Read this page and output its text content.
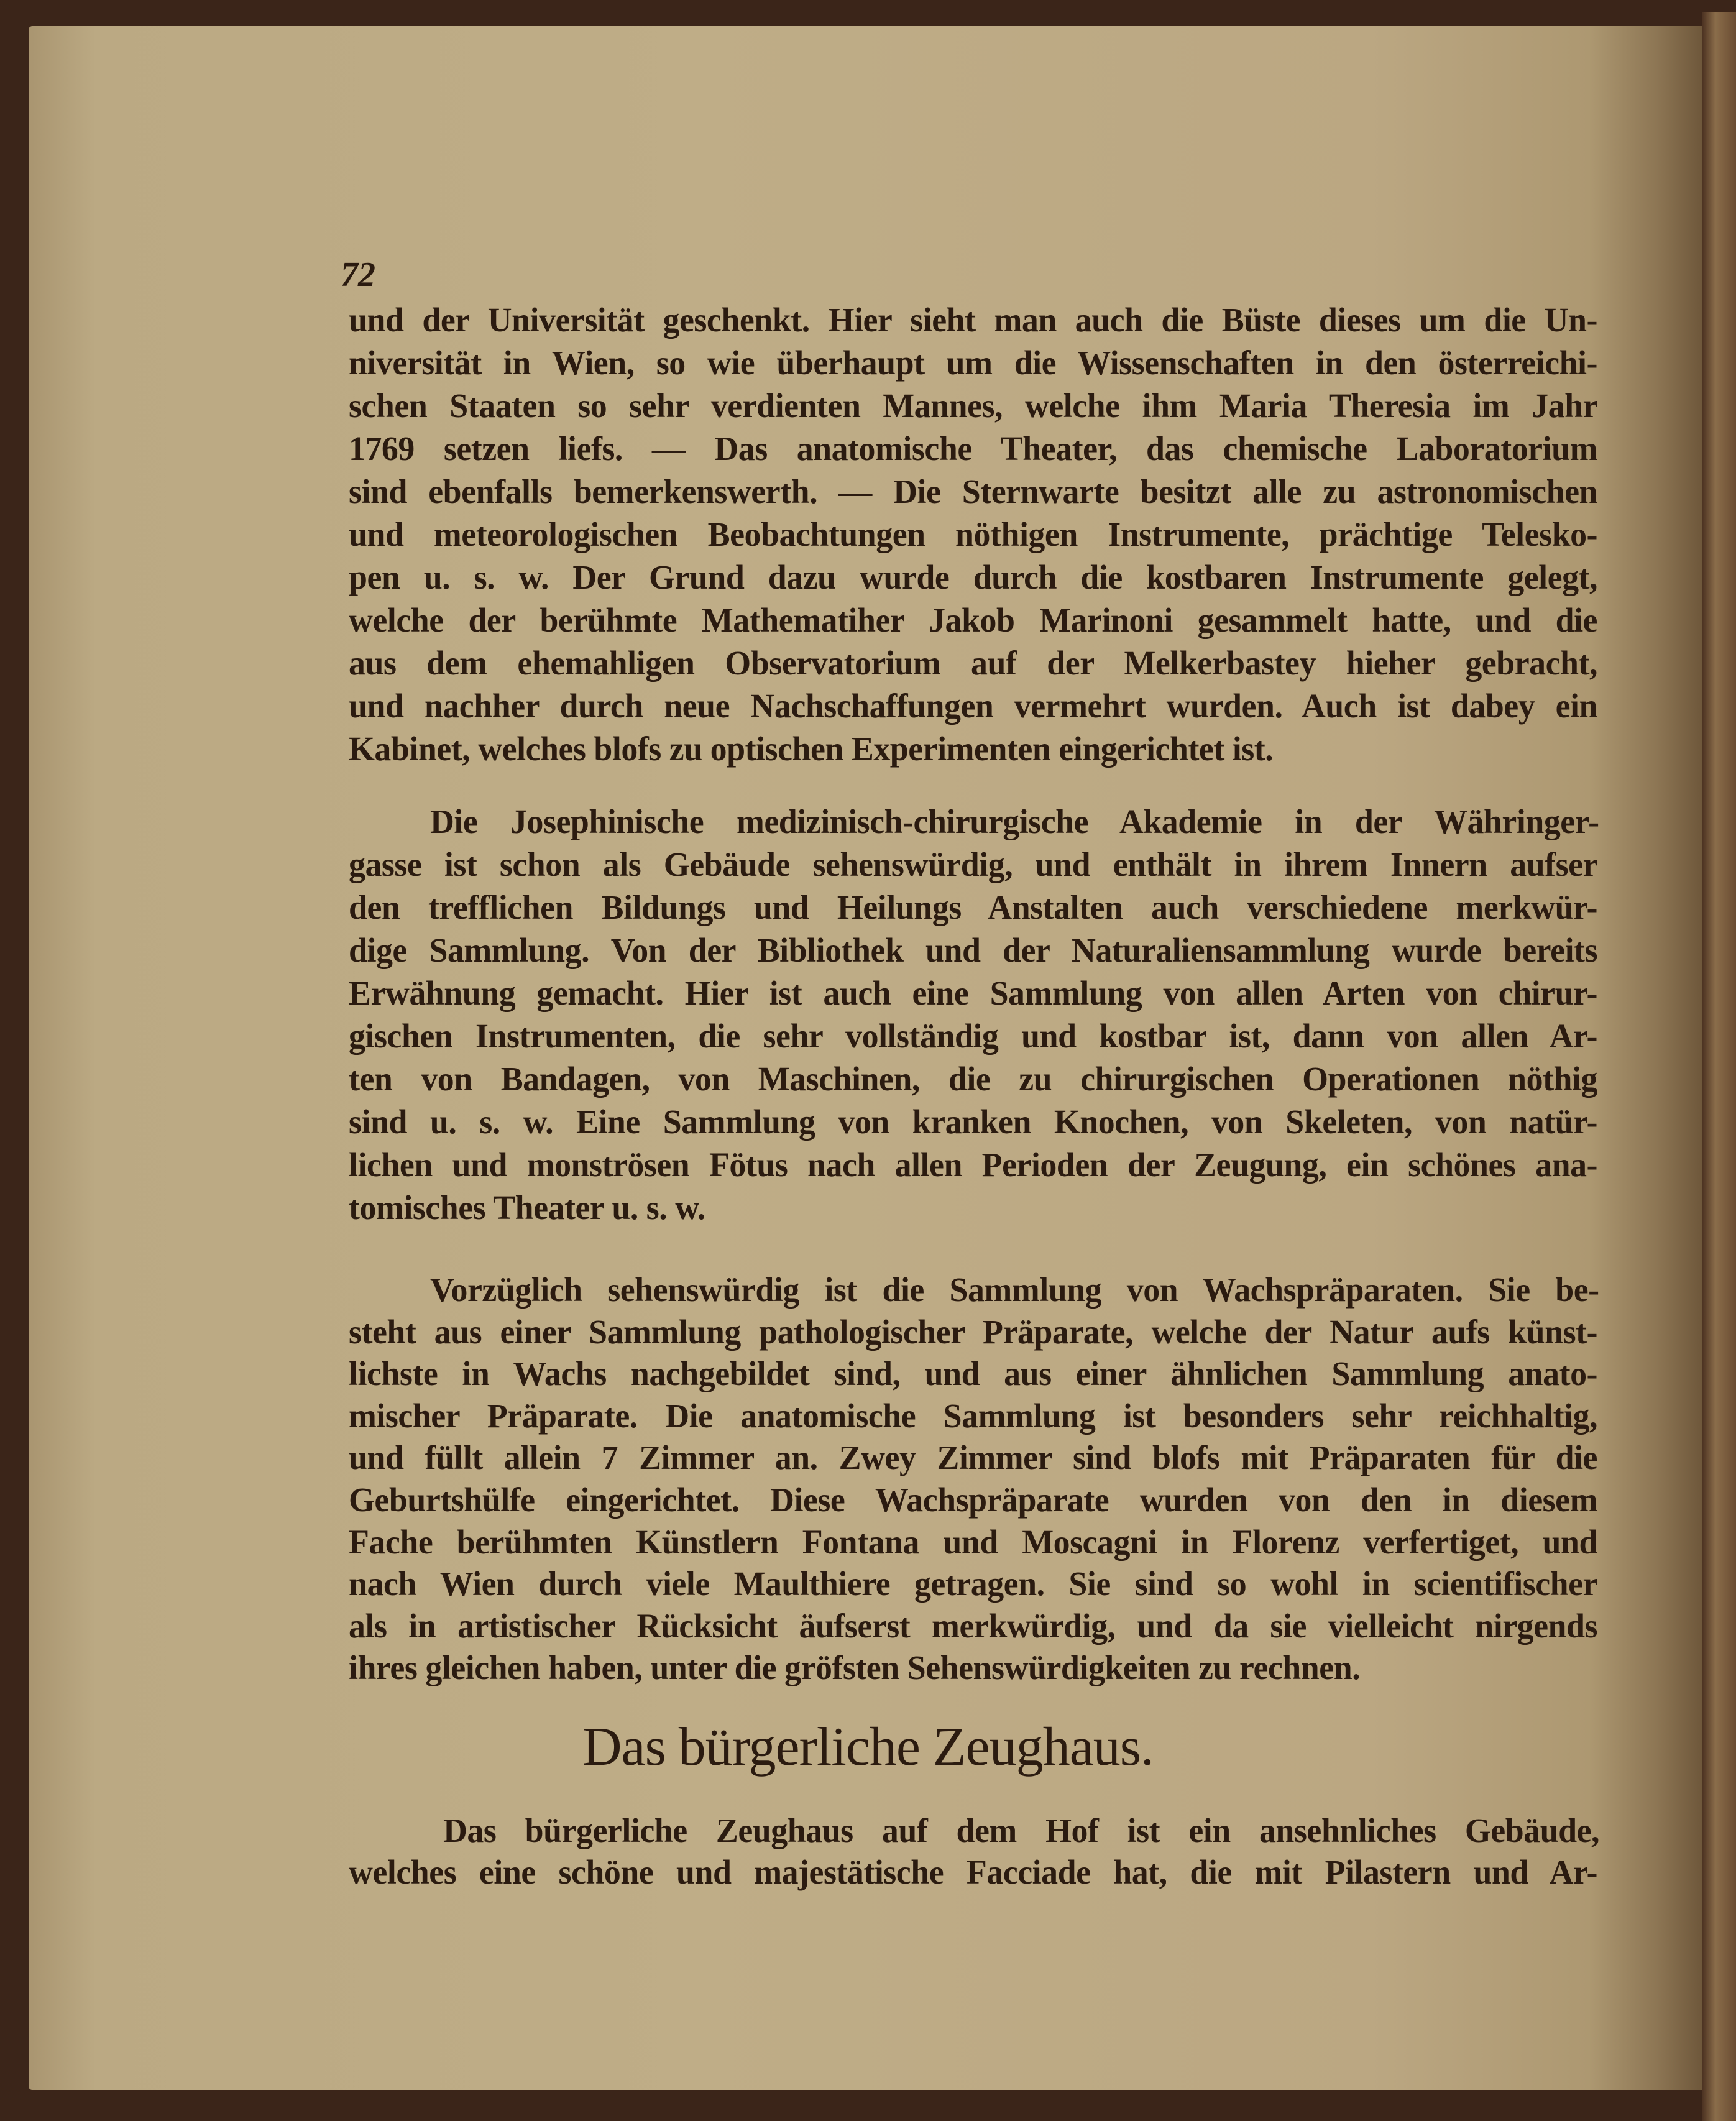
72
und der Universität geschenkt. Hier sieht man auch die Büste dieses um die Un-
niversität in Wien, so wie überhaupt um die Wissenschaften in den österreichi-
schen Staaten so sehr verdienten Mannes, welche ihm Maria Theresia im Jahr
1769 setzen liefs. — Das anatomische Theater, das chemische Laboratorium
sind ebenfalls bemerkenswerth. — Die Sternwarte besitzt alle zu astronomischen
und meteorologischen Beobachtungen nöthigen Instrumente, prächtige Telesko-
pen u. s. w. Der Grund dazu wurde durch die kostbaren Instrumente gelegt,
welche der berühmte Mathematiher Jakob Marinoni gesammelt hatte, und die
aus dem ehemahligen Observatorium auf der Melkerbastey hieher gebracht,
und nachher durch neue Nachschaffungen vermehrt wurden. Auch ist dabey ein
Kabinet, welches blofs zu optischen Experimenten eingerichtet ist.
Die Josephinische medizinisch-chirurgische Akademie in der Währinger-
gasse ist schon als Gebäude sehenswürdig, und enthält in ihrem Innern aufser
den trefflichen Bildungs und Heilungs Anstalten auch verschiedene merkwür-
dige Sammlung. Von der Bibliothek und der Naturaliensammlung wurde bereits
Erwähnung gemacht. Hier ist auch eine Sammlung von allen Arten von chirur-
gischen Instrumenten, die sehr vollständig und kostbar ist, dann von allen Ar-
ten von Bandagen, von Maschinen, die zu chirurgischen Operationen nöthig
sind u. s. w. Eine Sammlung von kranken Knochen, von Skeleten, von natür-
lichen und monströsen Fötus nach allen Perioden der Zeugung, ein schönes ana-
tomisches Theater u. s. w.
Vorzüglich sehenswürdig ist die Sammlung von Wachspräparaten. Sie be-
steht aus einer Sammlung pathologischer Präparate, welche der Natur aufs künst-
lichste in Wachs nachgebildet sind, und aus einer ähnlichen Sammlung anato-
mischer Präparate. Die anatomische Sammlung ist besonders sehr reichhaltig,
und füllt allein 7 Zimmer an. Zwey Zimmer sind blofs mit Präparaten für die
Geburtshülfe eingerichtet. Diese Wachspräparate wurden von den in diesem
Fache berühmten Künstlern Fontana und Moscagni in Florenz verfertiget, und
nach Wien durch viele Maulthiere getragen. Sie sind so wohl in scientifischer
als in artistischer Rücksicht äufserst merkwürdig, und da sie vielleicht nirgends
ihres gleichen haben, unter die gröfsten Sehenswürdigkeiten zu rechnen.
Das bürgerliche Zeughaus auf dem Hof ist ein ansehnliches Gebäude,
welches eine schöne und majestätische Facciade hat, die mit Pilastern und Ar-
Das bürgerliche Zeughaus.
